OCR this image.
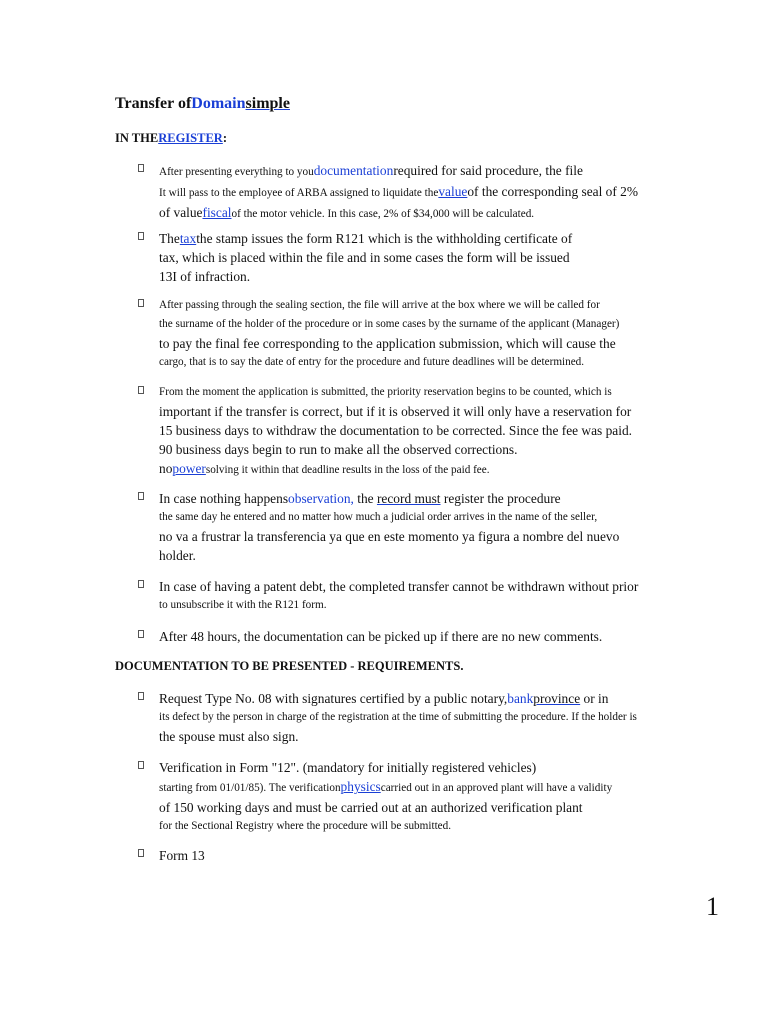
Transfer ofDomainsimple
IN THEREGISTER:
After presenting everything to youdocumentationrequired for said procedure, the file
It will pass to the employee of ARBA assigned to liquidate thevalueof the corresponding seal of 2%
of valuefiscalof the motor vehicle. In this case, 2% of $34,000 will be calculated.
Thetaxthe stamp issues the form R121 which is the withholding certificate of
tax, which is placed within the file and in some cases the form will be issued
13I of infraction.
After passing through the sealing section, the file will arrive at the box where we will be called for
the surname of the holder of the procedure or in some cases by the surname of the applicant (Manager)
to pay the final fee corresponding to the application submission, which will cause the
cargo, that is to say the date of entry for the procedure and future deadlines will be determined.
From the moment the application is submitted, the priority reservation begins to be counted, which is
important if the transfer is correct, but if it is observed it will only have a reservation for
15 business days to withdraw the documentation to be corrected. Since the fee was paid.
90 business days begin to run to make all the observed corrections.
nopowersolving it within that deadline results in the loss of the paid fee.
In case nothing happensobservation, the record must register the procedure
the same day he entered and no matter how much a judicial order arrives in the name of the seller,
no va a frustrar la transferencia ya que en este momento ya figura a nombre del nuevo
holder.
In case of having a patent debt, the completed transfer cannot be withdrawn without prior
to unsubscribe it with the R121 form.
After 48 hours, the documentation can be picked up if there are no new comments.
DOCUMENTATION TO BE PRESENTED - REQUIREMENTS.
Request Type No. 08 with signatures certified by a public notary,bankprovince or in
its defect by the person in charge of the registration at the time of submitting the procedure. If the holder is
the spouse must also sign.
Verification in Form "12". (mandatory for initially registered vehicles)
starting from 01/01/85). The verificationphysicscarried out in an approved plant will have a validity
of 150 working days and must be carried out at an authorized verification plant
for the Sectional Registry where the procedure will be submitted.
Form 13
1
